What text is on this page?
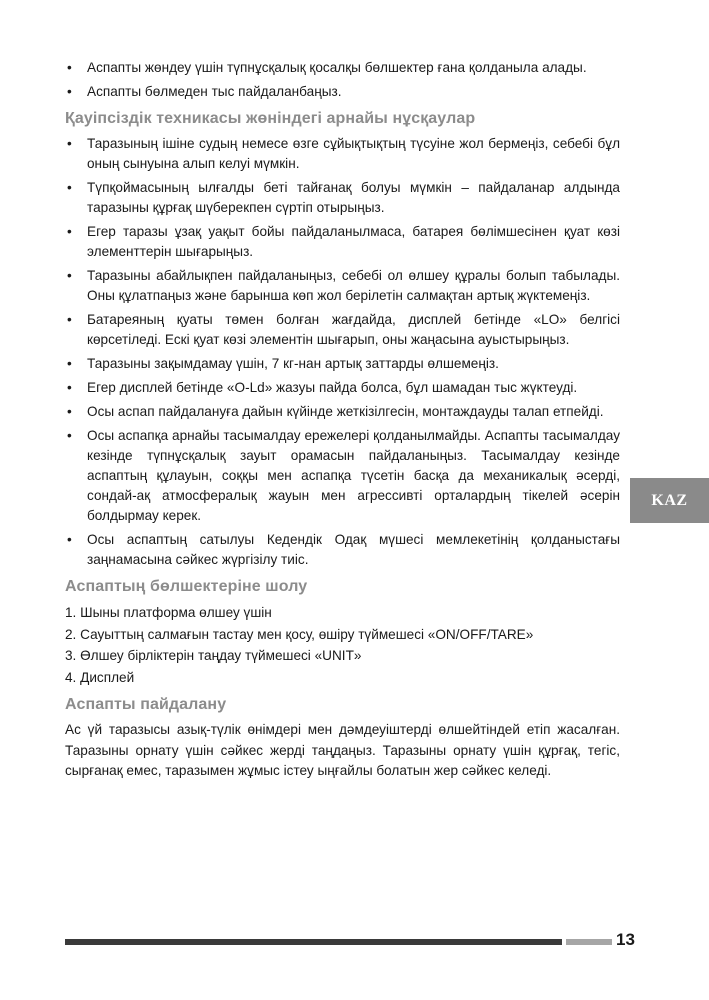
• Аспапты жөндеу үшін түпнұсқалық қосалқы бөлшектер ғана қолданыла алады.
• Аспапты бөлмеден тыс пайдаланбаңыз.
Қауіпсіздік техникасы жөніндегі арнайы нұсқаулар
• Таразының ішіне судың немесе өзге сұйықтықтың түсуіне жол бермеңіз, себебі бұл оның сынуына алып келуі мүмкін.
• Түпқоймасының ылғалды беті тайғанақ болуы мүмкін – пайдаланар алдында таразыны құрғақ шүберекпен сүртіп отырыңыз.
• Егер таразы ұзақ уақыт бойы пайдаланылмаса, батарея бөлімшесінен қуат көзі элементтерін шығарыңыз.
• Таразыны абайлықпен пайдаланыңыз, себебі ол өлшеу құралы болып табылады. Оны құлатпаңыз және барынша көп жол берілетін салмақтан артық жүктемеңіз.
• Батареяның қуаты төмен болған жағдайда, дисплей бетінде «LO» белгісі көрсетіледі. Ескі қуат көзі элементін шығарып, оны жаңасына ауыстырыңыз.
• Таразыны зақымдамау үшін, 7 кг-нан артық заттарды өлшемеңіз.
• Егер дисплей бетінде «O-Ld» жазуы пайда болса, бұл шамадан тыс жүктеуді.
• Осы аспап пайдалануға дайын күйінде жеткізілгесін, монтаждауды талап етпейді.
• Осы аспапқа арнайы тасымалдау ережелері қолданылмайды. Аспапты тасымалдау кезінде түпнұсқалық зауыт орамасын пайдаланыңыз. Тасымалдау кезінде аспаптың құлауын, соққы мен аспапқа түсетін басқа да механикалық әсерді, сондай-ақ атмосфералық жауын мен агрессивті орталардың тікелей әсерін болдырмау керек.
• Осы аспаптың сатылуы Кедендік Одақ мүшесі мемлекетінің қолданыстағы заңнамасына сәйкес жүргізілу тиіс.
Аспаптың бөлшектеріне шолу
1. Шыны платформа өлшеу үшін
2. Сауыттың салмағын тастау мен қосу, өшіру түймешесі «ON/OFF/TARE»
3. Өлшеу бірліктерін таңдау түймешесі «UNIT»
4. Дисплей
Аспапты пайдалану

Ас үй таразысы азық-түлік өнімдері мен дәмдеуіштерді өлшейтіндей етіп жасалған. Таразыны орнату үшін сәйкес жерді таңдаңыз. Таразыны орнату үшін құрғақ, тегіс, сырғанақ емес, таразымен жұмыс істеу ыңғайлы болатын жер сәйкес келеді.

KAZ
13
